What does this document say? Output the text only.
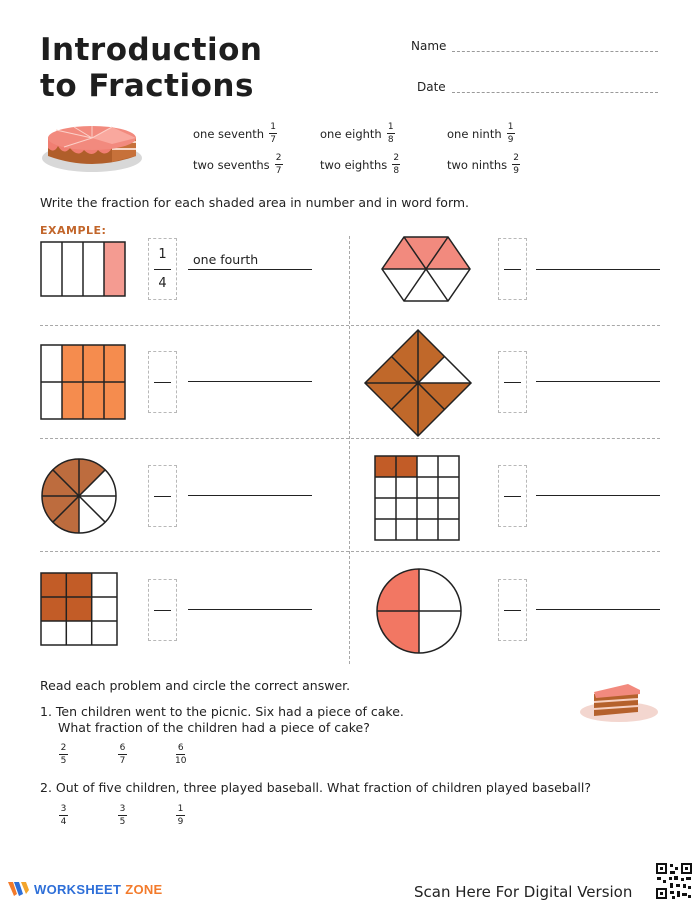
Introduction
to Fractions
Name
Date
one seventh $\frac{1}{7}$	one eighth $\frac{1}{8}$	one ninth $\frac{1}{9}$
two sevenths $\frac{2}{7}$	two eighths $\frac{2}{8}$	two ninths $\frac{2}{9}$
Write the fraction for each shaded area in number and in word form.
EXAMPLE:
1
4
one fourth
Read each problem and circle the correct answer.
1. Ten children went to the picnic. Six had a piece of cake.
What fraction of the children had a piece of cake?
2
5
6
7
6
10
2. Out of five children, three played baseball. What fraction of children played baseball?
3
4
3
5
1
9
WORKSHEET ZONE	Scan Here For Digital Version
